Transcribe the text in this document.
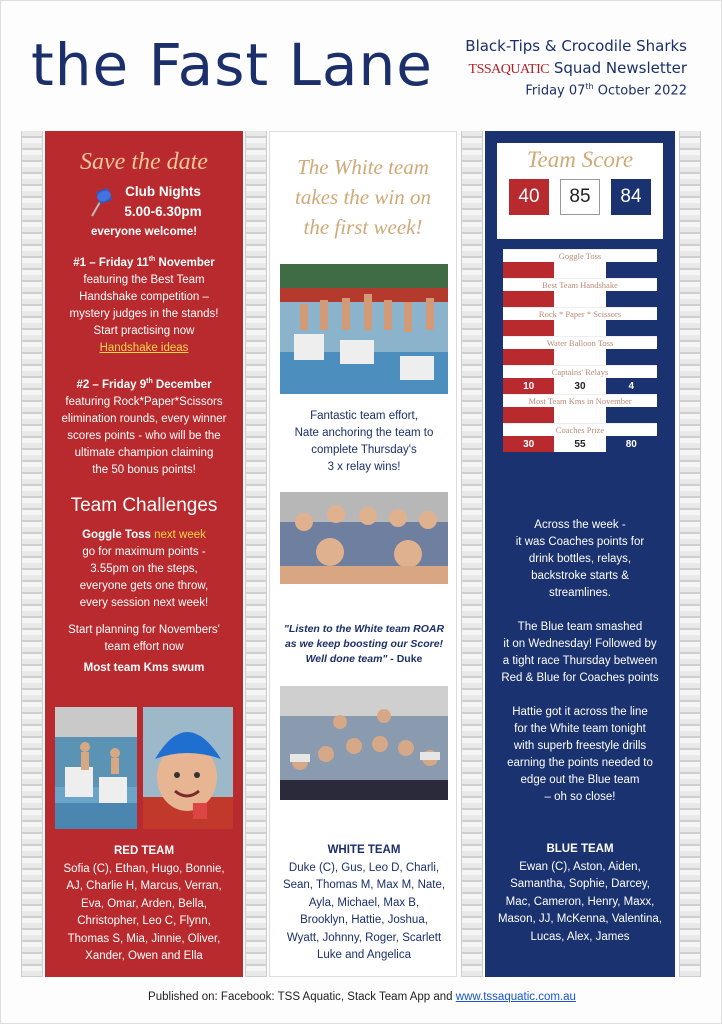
the Fast Lane Black-Tips & Crocodile Sharks
TSSAQUATIC Squad Newsletter
Friday 07th October 2022
Save the date
Club Nights
5.00-6.30pm
everyone welcome!
#1 – Friday 11th November
featuring the Best Team
Handshake competition –
mystery judges in the stands!
Start practising now
Handshake ideas
#2 – Friday 9th December
featuring Rock*Paper*Scissors
elimination rounds, every winner
scores points - who will be the
ultimate champion claiming
the 50 bonus points!
Team Challenges
Goggle Toss next week
go for maximum points -
3.55pm on the steps,
everyone gets one throw,
every session next week!
Start planning for Novembers'
team effort now
Most team Kms swum
RED TEAM
Sofia (C), Ethan, Hugo, Bonnie,
AJ, Charlie H, Marcus, Verran,
Eva, Omar, Arden, Bella,
Christopher, Leo C, Flynn,
Thomas S, Mia, Jinnie, Oliver,
Xander, Owen and Ella
The White team
takes the win on
the first week!
Fantastic team effort,
Nate anchoring the team to
complete Thursday's
3 x relay wins!
"Listen to the White team ROAR
as we keep boosting our Score!
Well done team" - Duke
WHITE TEAM
Duke (C), Gus, Leo D, Charli,
Sean, Thomas M, Max M, Nate,
Ayla, Michael, Max B,
Brooklyn, Hattie, Joshua,
Wyatt, Johnny, Roger, Scarlett
Luke and Angelica
Team Score
40	85	84
Goggle Toss
Best Team Handshake
Rock * Paper * Scissors
Water Balloon Toss
Captains' Relays
10	30	4
Most Team Kms in November
Coaches Prize
30	55	80
Across the week -
it was Coaches points for
drink bottles, relays,
backstroke starts &
streamlines.
The Blue team smashed
it on Wednesday! Followed by
a tight race Thursday between
Red & Blue for Coaches points
Hattie got it across the line
for the White team tonight
with superb freestyle drills
earning the points needed to
edge out the Blue team
– oh so close!
BLUE TEAM
Ewan (C), Aston, Aiden,
Samantha, Sophie, Darcey,
Mac, Cameron, Henry, Maxx,
Mason, JJ, McKenna, Valentina,
Lucas, Alex, James
Published on: Facebook: TSS Aquatic, Stack Team App and www.tssaquatic.com.au
